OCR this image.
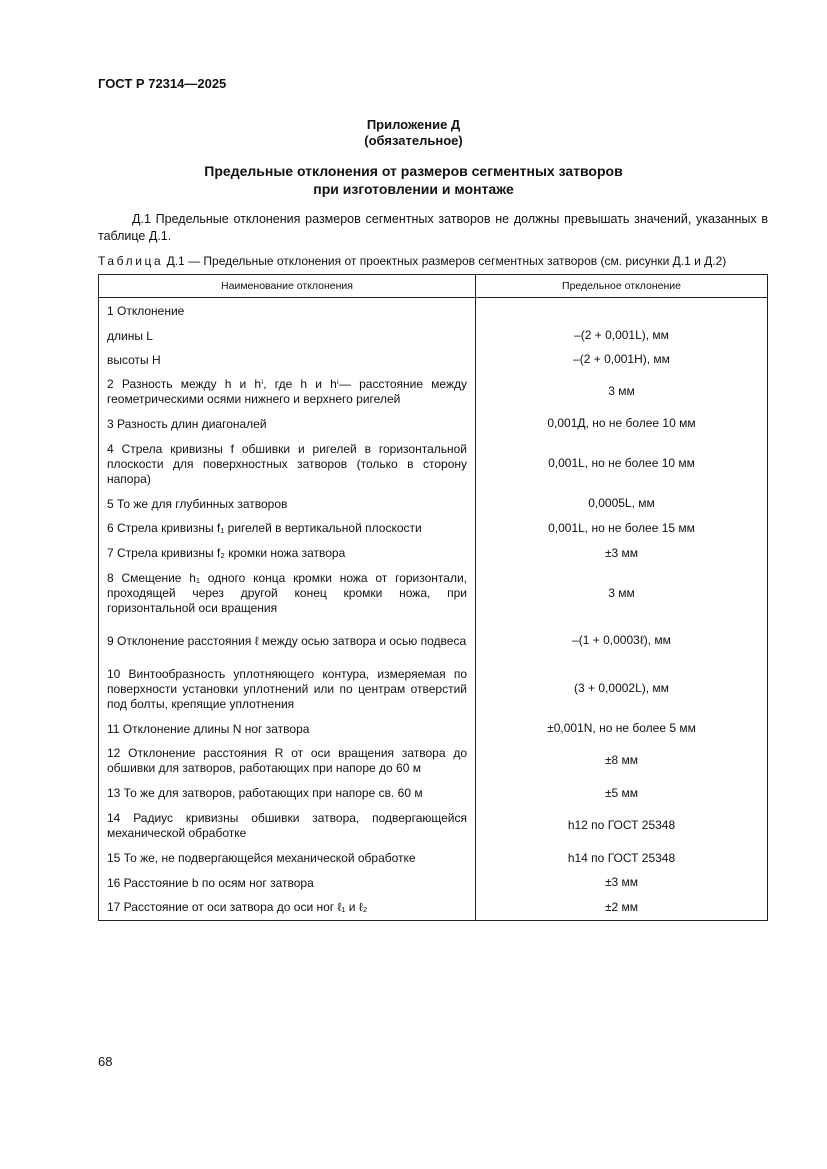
ГОСТ Р 72314—2025
Приложение Д
(обязательное)
Предельные отклонения от размеров сегментных затворов
при изготовлении и монтаже
Д.1 Предельные отклонения размеров сегментных затворов не должны превышать значений, указанных в таблице Д.1.
Таблица Д.1 — Предельные отклонения от проектных размеров сегментных затворов (см. рисунки Д.1 и Д.2)
Наименование отклонения	Предельное отклонение

1 Отклонение	

длины L	–(2 + 0,001L), мм

высоты H	–(2 + 0,001H), мм

2 Разность между h и hⁱ, где h и hⁱ— расстояние между геометрическими осями нижнего и верхнего ригелей	3 мм

3 Разность длин диагоналей	0,001Д, но не более 10 мм

4 Стрела кривизны f обшивки и ригелей в горизонтальной плоскости для поверхностных затворов (только в сторону напора)	0,001L, но не более 10 мм

5 То же для глубинных затворов	0,0005L, мм

6 Стрела кривизны f₁ ригелей в вертикальной плоскости	0,001L, но не более 15 мм

7 Стрела кривизны f₂ кромки ножа затвора	±3 мм

8 Смещение h₁ одного конца кромки ножа от горизонтали, проходящей через другой конец кромки ножа, при горизонтальной оси вращения	3 мм

9 Отклонение расстояния ℓ между осью затвора и осью подвеса	–(1 + 0,0003ℓ), мм

10 Винтообразность уплотняющего контура, измеряемая по поверхности установки уплотнений или по центрам отверстий под болты, крепящие уплотнения	(3 + 0,0002L), мм

11 Отклонение длины N ног затвора	±0,001N, но не более 5 мм

12 Отклонение расстояния R от оси вращения затвора до обшивки для затворов, работающих при напоре до 60 м	±8 мм

13 То же для затворов, работающих при напоре св. 60 м	±5 мм

14 Радиус кривизны обшивки затвора, подвергающейся механической обработке	h12 по ГОСТ 25348

15 То же, не подвергающейся механической обработке	h14 по ГОСТ 25348

16 Расстояние b по осям ног затвора	±3 мм

17 Расстояние от оси затвора до оси ног ℓ₁ и ℓ₂	±2 мм
68
